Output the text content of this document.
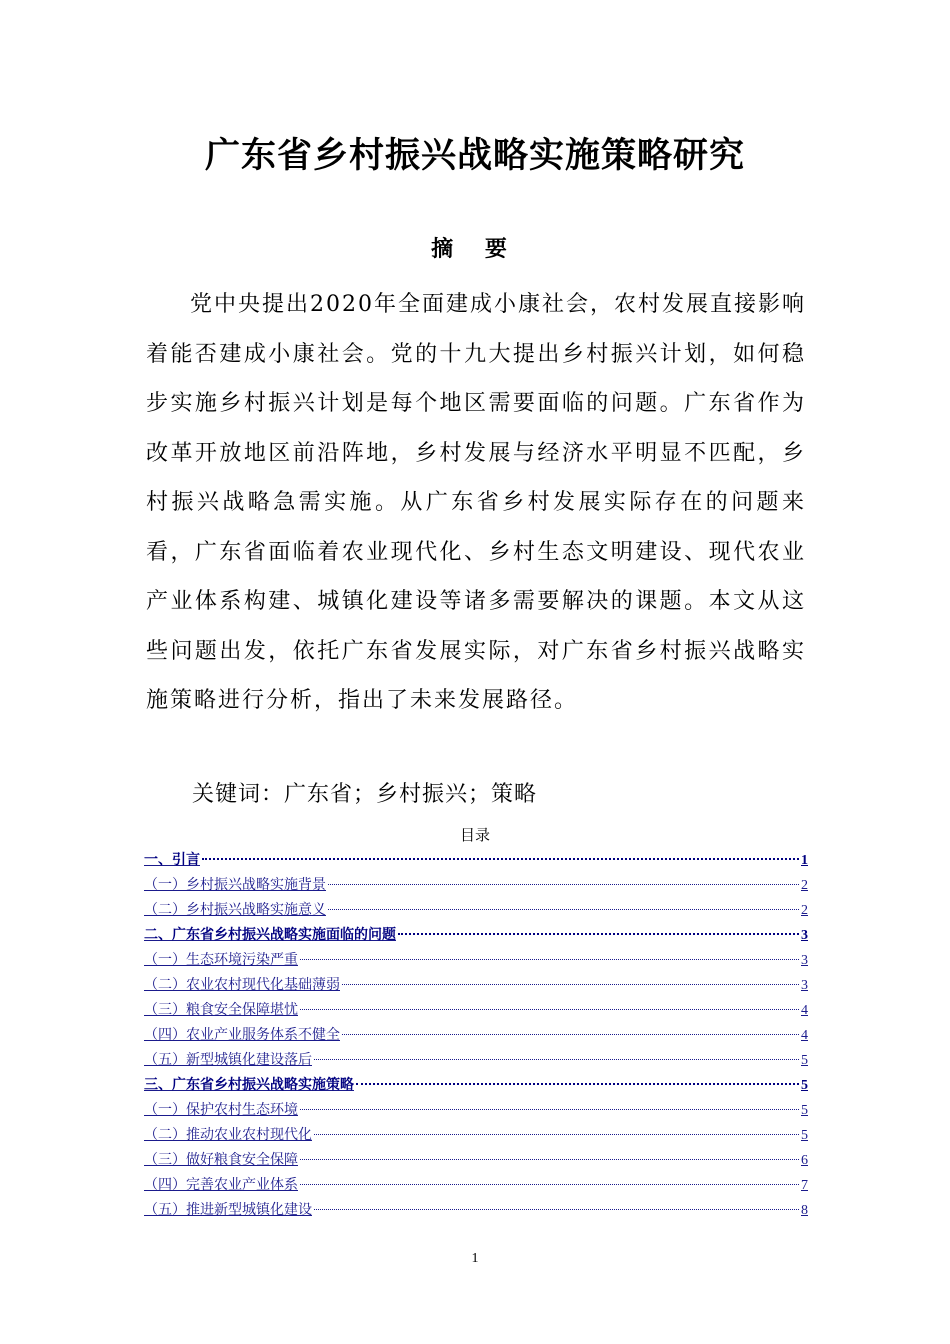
广东省乡村振兴战略实施策略研究
摘 要

党中央提出2020年全面建成小康社会，农村发展直接影响着能否建成小康社会。党的十九大提出乡村振兴计划，如何稳步实施乡村振兴计划是每个地区需要面临的问题。广东省作为改革开放地区前沿阵地，乡村发展与经济水平明显不匹配，乡村振兴战略急需实施。从广东省乡村发展实际存在的问题来看，广东省面临着农业现代化、乡村生态文明建设、现代农业产业体系构建、城镇化建设等诸多需要解决的课题。本文从这些问题出发，依托广东省发展实际，对广东省乡村振兴战略实施策略进行分析，指出了未来发展路径。

关键词：广东省；乡村振兴；策略

目录
一、引言	1
（一）乡村振兴战略实施背景	2
（二）乡村振兴战略实施意义	2
二、广东省乡村振兴战略实施面临的问题	3
（一）生态环境污染严重	3
（二）农业农村现代化基础薄弱	3
（三）粮食安全保障堪忧	4
（四）农业产业服务体系不健全	4
（五）新型城镇化建设落后	5
三、广东省乡村振兴战略实施策略	5
（一）保护农村生态环境	5
（二）推动农业农村现代化	5
（三）做好粮食安全保障	6
（四）完善农业产业体系	7
（五）推进新型城镇化建设	8
1
